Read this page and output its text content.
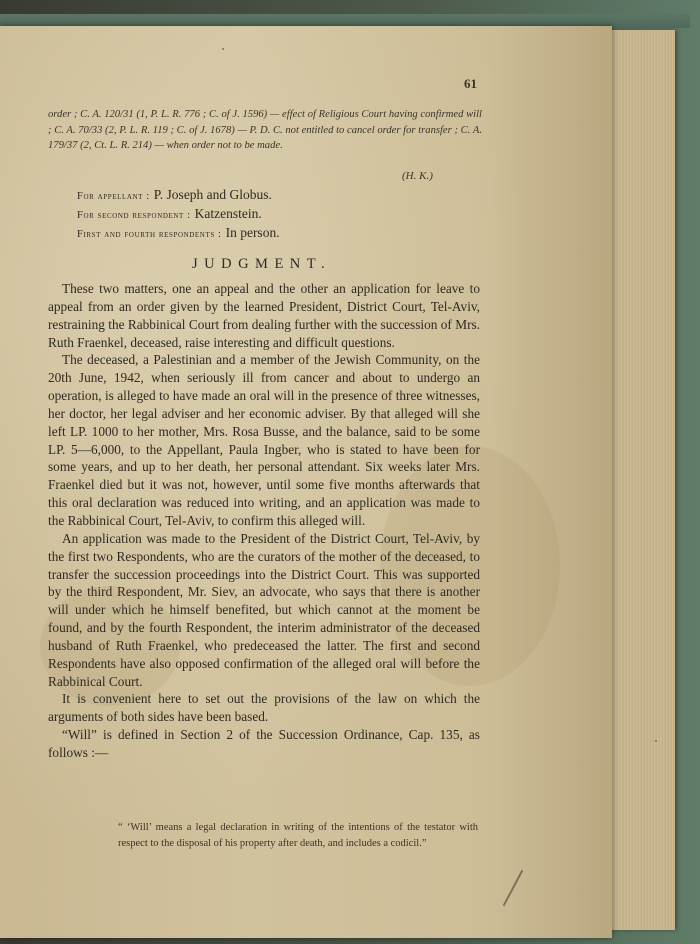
61
order ; C. A. 120/31 (1, P. L. R. 776 ; C. of J. 1596) — effect of Religious Court having confirmed will ; C. A. 70/33 (2, P. L. R. 119 ; C. of J. 1678) — P. D. C. not entitled to cancel order for transfer ; C. A. 179/37 (2, Ct. L. R. 214) — when order not to be made.
(H. K.)
For appellant : P. Joseph and Globus.
For second respondent : Katzenstein.
First and fourth respondents : In person.
JUDGMENT.

These two matters, one an appeal and the other an application for leave to appeal from an order given by the learned President, District Court, Tel-Aviv, restraining the Rabbinical Court from dealing further with the succession of Mrs. Ruth Fraenkel, deceased, raise interesting and difficult questions.

The deceased, a Palestinian and a member of the Jewish Community, on the 20th June, 1942, when seriously ill from cancer and about to undergo an operation, is alleged to have made an oral will in the presence of three witnesses, her doctor, her legal adviser and her economic adviser. By that alleged will she left LP. 1000 to her mother, Mrs. Rosa Busse, and the balance, said to be some LP. 5—6,000, to the Appellant, Paula Ingber, who is stated to have been for some years, and up to her death, her personal attendant. Six weeks later Mrs. Fraenkel died but it was not, however, until some five months afterwards that this oral declaration was reduced into writing, and an application was made to the Rabbinical Court, Tel-Aviv, to confirm this alleged will.

An application was made to the President of the District Court, Tel-Aviv, by the first two Respondents, who are the curators of the mother of the deceased, to transfer the succession proceedings into the District Court. This was supported by the third Respondent, Mr. Siev, an advocate, who says that there is another will under which he himself benefited, but which cannot at the moment be found, and by the fourth Respondent, the interim administrator of the deceased husband of Ruth Fraenkel, who predeceased the latter. The first and second Respondents have also opposed confirmation of the alleged oral will before the Rabbinical Court.

It is convenient here to set out the provisions of the law on which the arguments of both sides have been based.

“Will” is defined in Section 2 of the Succession Ordinance, Cap. 135, as follows :—

“ ‘Will’ means a legal declaration in writing of the intentions of the testator with respect to the disposal of his property after death, and includes a codicil.”
